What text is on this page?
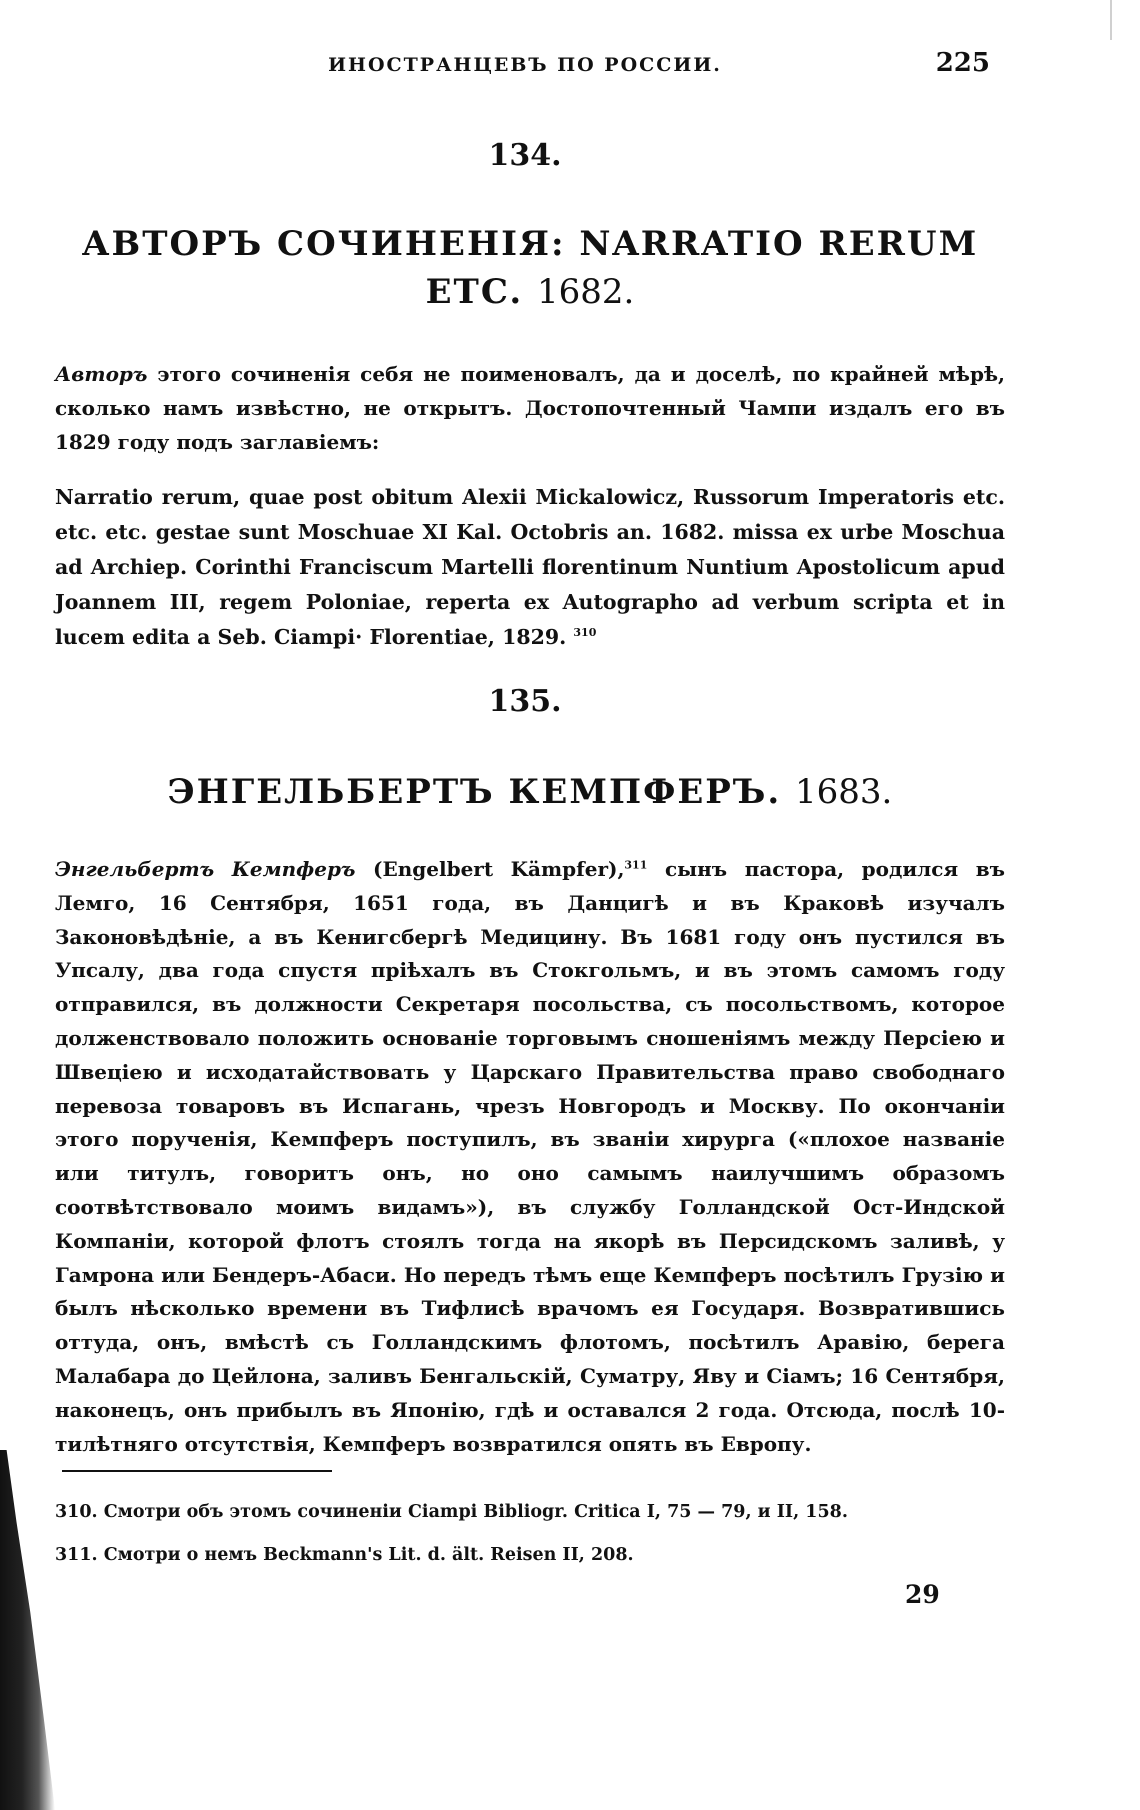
ИНОСТРАНЦЕВЪ ПО РОССИИ.	225
134.
АВТОРЪ СОЧИНЕНІЯ: NARRATIO RERUM ETC. 1682.
Авторъ этого сочиненія себя не поименовалъ, да и доселѣ, по крайней мѣрѣ, сколько намъ извѣстно, не открытъ. Достопочтенный Чампи издалъ его въ 1829 году подъ заглавіемъ:
Narratio rerum, quae post obitum Alexii Mickalowicz, Russorum Imperatoris etc. etc. etc. gestae sunt Moschuae XI Kal. Octobris an. 1682. missa ex urbe Moschua ad Archiep. Corinthi Franciscum Martelli florentinum Nuntium Apostolicum apud Joannem III, regem Poloniae, reperta ex Autographo ad verbum scripta et in lucem edita a Seb. Ciampi· Florentiae, 1829. $^{310}$
135.
ЭНГЕЛЬБЕРТЪ КЕМПФЕРЪ. 1683.
Энгельбертъ Кемпферъ (Engelbert Kämpfer),$^{311}$ сынъ пастора, родился въ Лемго, 16 Сентября, 1651 года, въ Данцигѣ и въ Краковѣ изучалъ Законовѣдѣніе, а въ Кенигсбергѣ Медицину. Въ 1681 году онъ пустился въ Упсалу, два года спустя пріѣхалъ въ Стокгольмъ, и въ этомъ самомъ году отправился, въ должности Секретаря посольства, съ посольствомъ, которое долженствовало положить основаніе торговымъ сношеніямъ между Персіею и Швеціею и исходатайствовать у Царскаго Правительства право свободнаго перевоза товаровъ въ Испагань, чрезъ Новгородъ и Москву. По окончаніи этого порученія, Кемпферъ поступилъ, въ званіи хирурга («плохое названіе или титулъ, говоритъ онъ, но оно самымъ наилучшимъ образомъ соотвѣтствовало моимъ видамъ»), въ службу Голландской Ост-Индской Компаніи, которой флотъ стоялъ тогда на якорѣ въ Персидскомъ заливѣ, у Гамрона или Бендеръ-Абаси. Но передъ тѣмъ еще Кемпферъ посѣтилъ Грузію и былъ нѣсколько времени въ Тифлисѣ врачомъ ея Государя. Возвратившись оттуда, онъ, вмѣстѣ съ Голландскимъ флотомъ, посѣтилъ Аравію, берега Малабара до Цейлона, заливъ Бенгальскій, Суматру, Яву и Сіамъ; 16 Сентября, наконецъ, онъ прибылъ въ Японію, гдѣ и оставался 2 года. Отсюда, послѣ 10-тилѣтняго отсутствія, Кемпферъ возвратился опять въ Европу.
310. Смотри объ этомъ сочиненіи Ciampi Bibliogr. Critica I, 75 — 79, и II, 158.
311. Смотри о немъ Beckmann's Lit. d. ält. Reisen II, 208.
29
